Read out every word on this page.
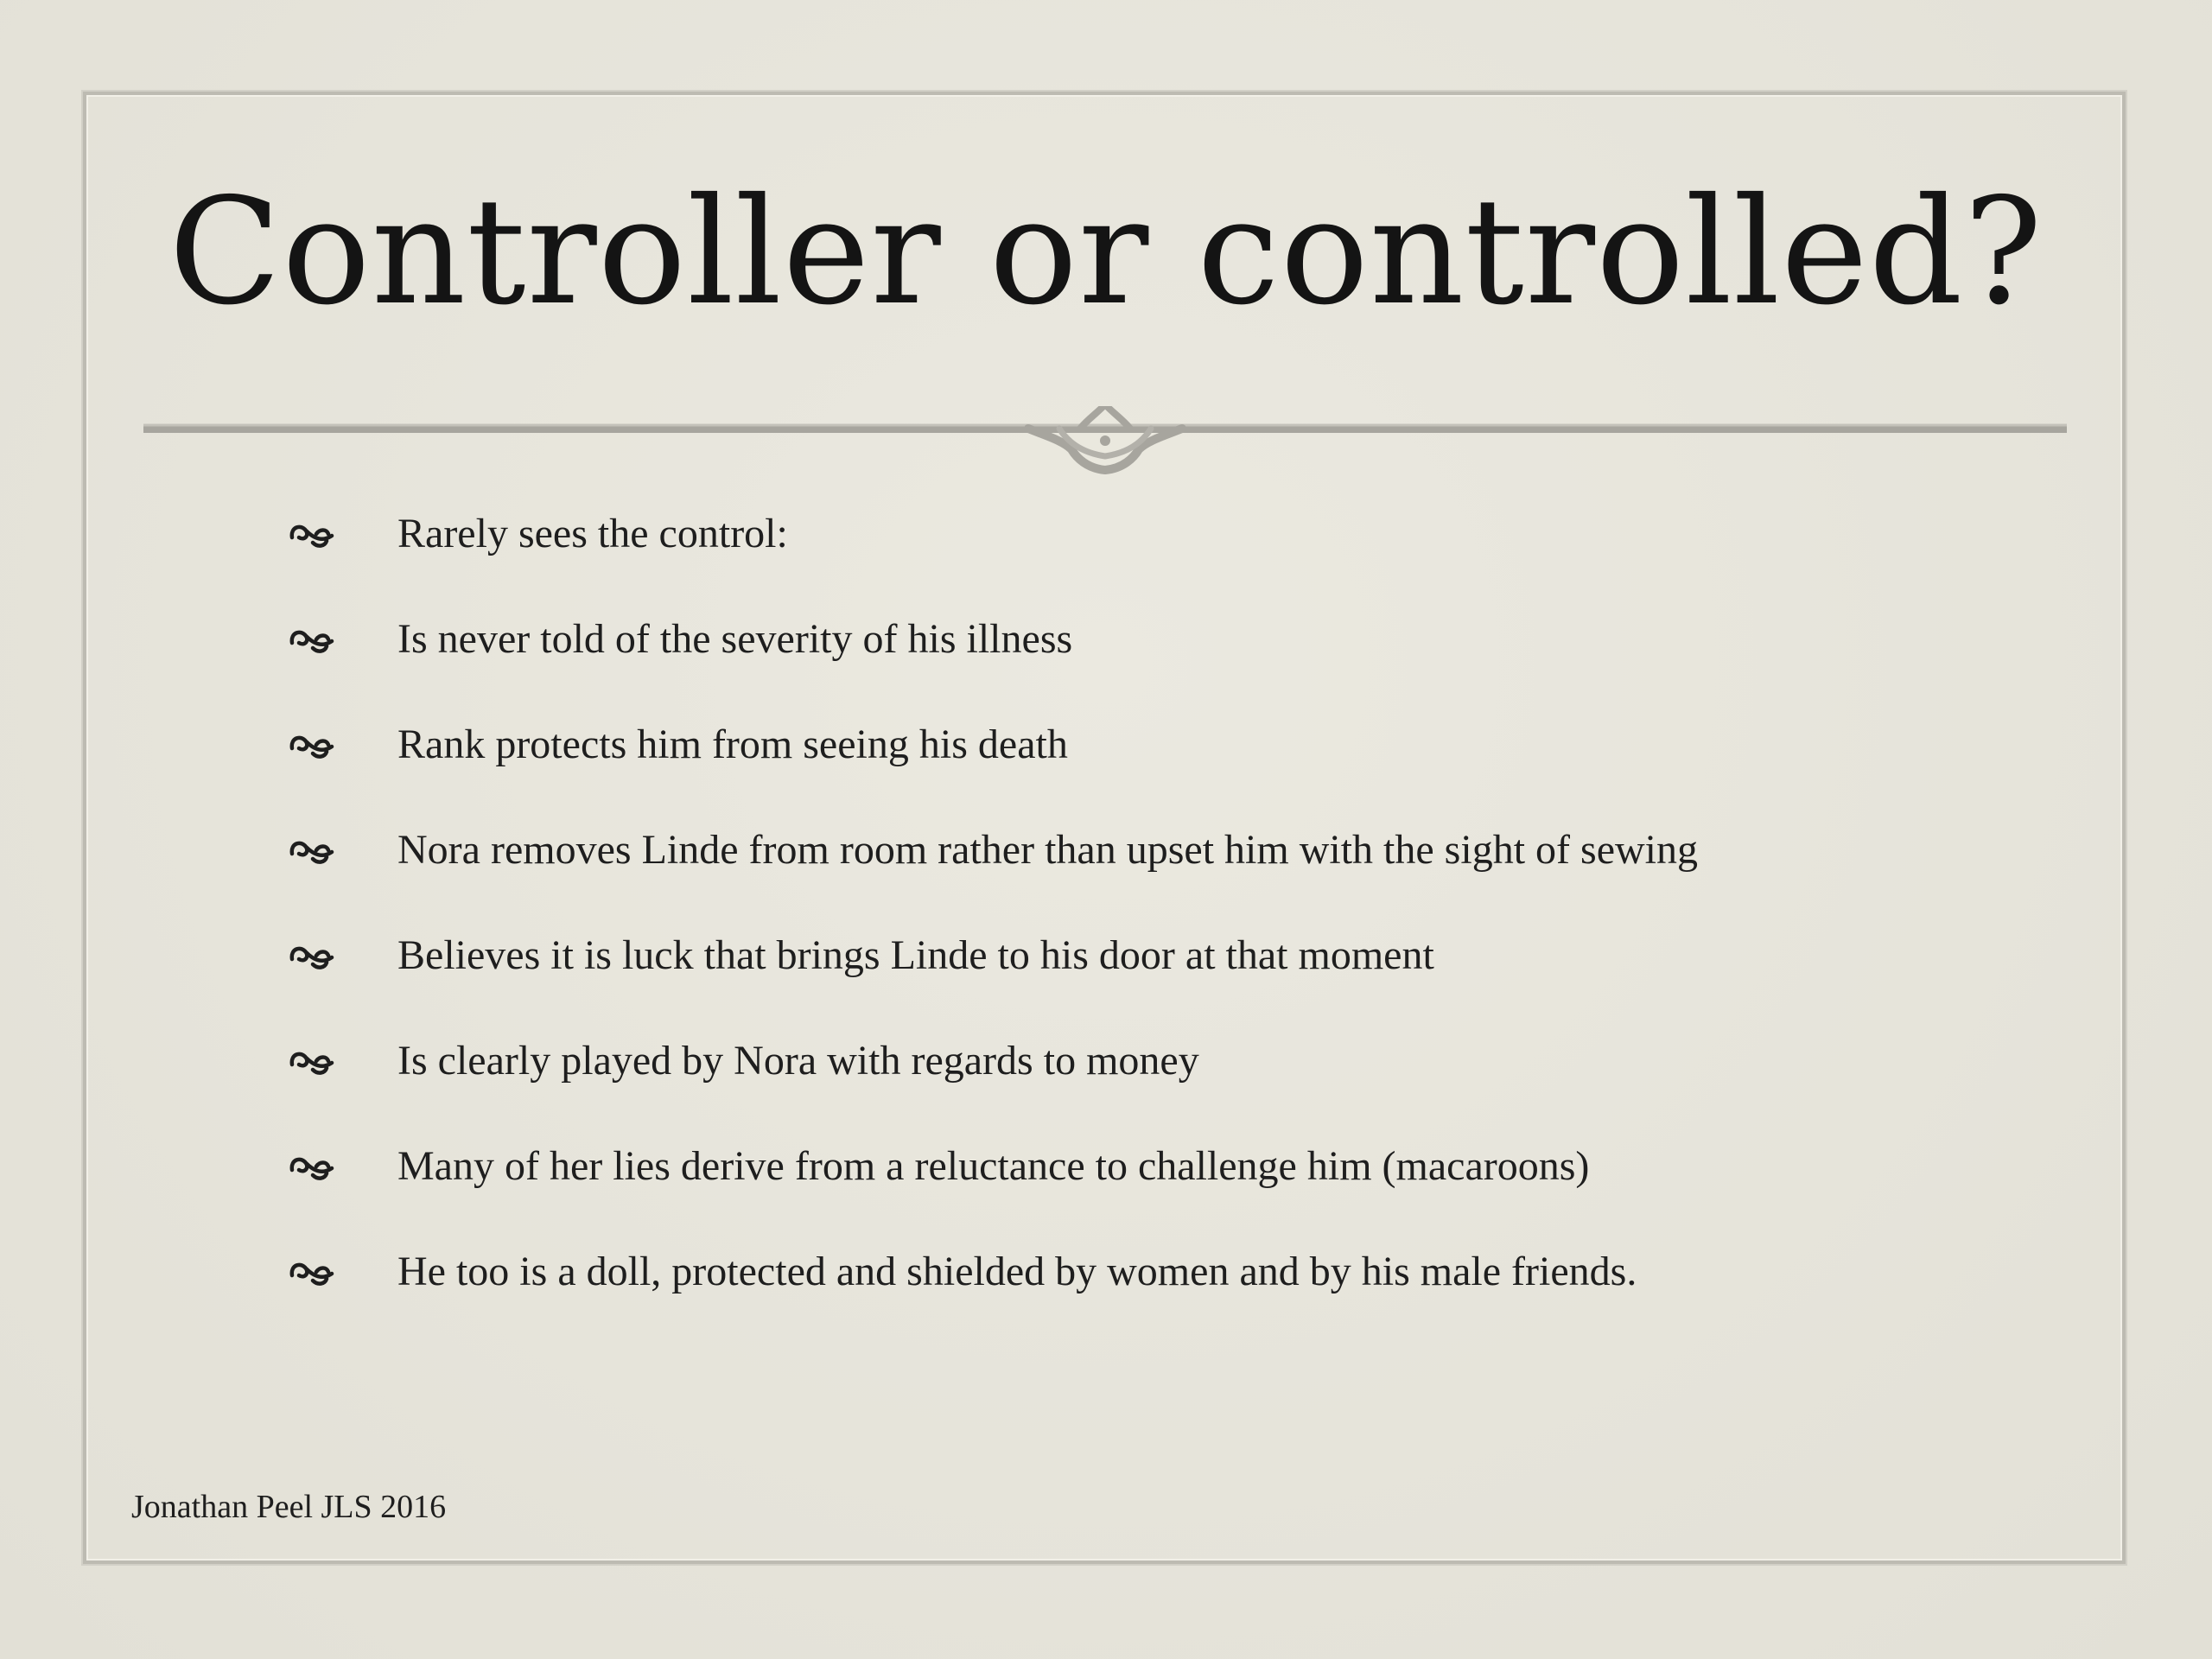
Controller or controlled?
Rarely sees the control:
Is never told of the severity of his illness
Rank protects him from seeing his death
Nora removes Linde from room rather than upset him with the sight of sewing
Believes it is luck that brings Linde to his door at that moment
Is clearly played by Nora with regards to money
Many of her lies derive from a reluctance to challenge him (macaroons)
He too is a doll, protected and shielded by women and by his male friends.
Jonathan Peel JLS 2016
